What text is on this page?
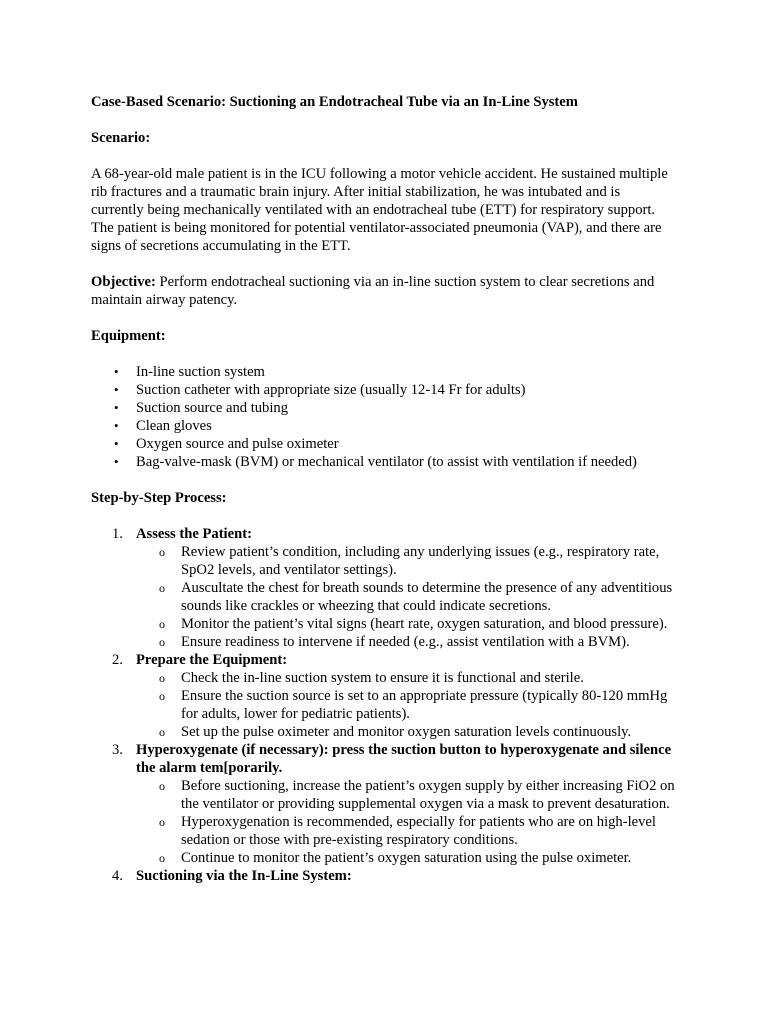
Case-Based Scenario: Suctioning an Endotracheal Tube via an In-Line System

Scenario:

A 68-year-old male patient is in the ICU following a motor vehicle accident. He sustained multiple rib fractures and a traumatic brain injury. After initial stabilization, he was intubated and is currently being mechanically ventilated with an endotracheal tube (ETT) for respiratory support. The patient is being monitored for potential ventilator-associated pneumonia (VAP), and there are signs of secretions accumulating in the ETT.

Objective: Perform endotracheal suctioning via an in-line suction system to clear secretions and maintain airway patency.

Equipment:

• In-line suction system
• Suction catheter with appropriate size (usually 12-14 Fr for adults)
• Suction source and tubing
• Clean gloves
• Oxygen source and pulse oximeter
• Bag-valve-mask (BVM) or mechanical ventilator (to assist with ventilation if needed)

Step-by-Step Process:

1. Assess the Patient:
o Review patient’s condition, including any underlying issues (e.g., respiratory rate, SpO2 levels, and ventilator settings).
o Auscultate the chest for breath sounds to determine the presence of any adventitious sounds like crackles or wheezing that could indicate secretions.
o Monitor the patient’s vital signs (heart rate, oxygen saturation, and blood pressure).
o Ensure readiness to intervene if needed (e.g., assist ventilation with a BVM).
2. Prepare the Equipment:
o Check the in-line suction system to ensure it is functional and sterile.
o Ensure the suction source is set to an appropriate pressure (typically 80-120 mmHg for adults, lower for pediatric patients).
o Set up the pulse oximeter and monitor oxygen saturation levels continuously.
3. Hyperoxygenate (if necessary): press the suction button to hyperoxygenate and silence the alarm tem[porarily.
o Before suctioning, increase the patient’s oxygen supply by either increasing FiO2 on the ventilator or providing supplemental oxygen via a mask to prevent desaturation.
o Hyperoxygenation is recommended, especially for patients who are on high-level sedation or those with pre-existing respiratory conditions.
o Continue to monitor the patient’s oxygen saturation using the pulse oximeter.
4. Suctioning via the In-Line System:
